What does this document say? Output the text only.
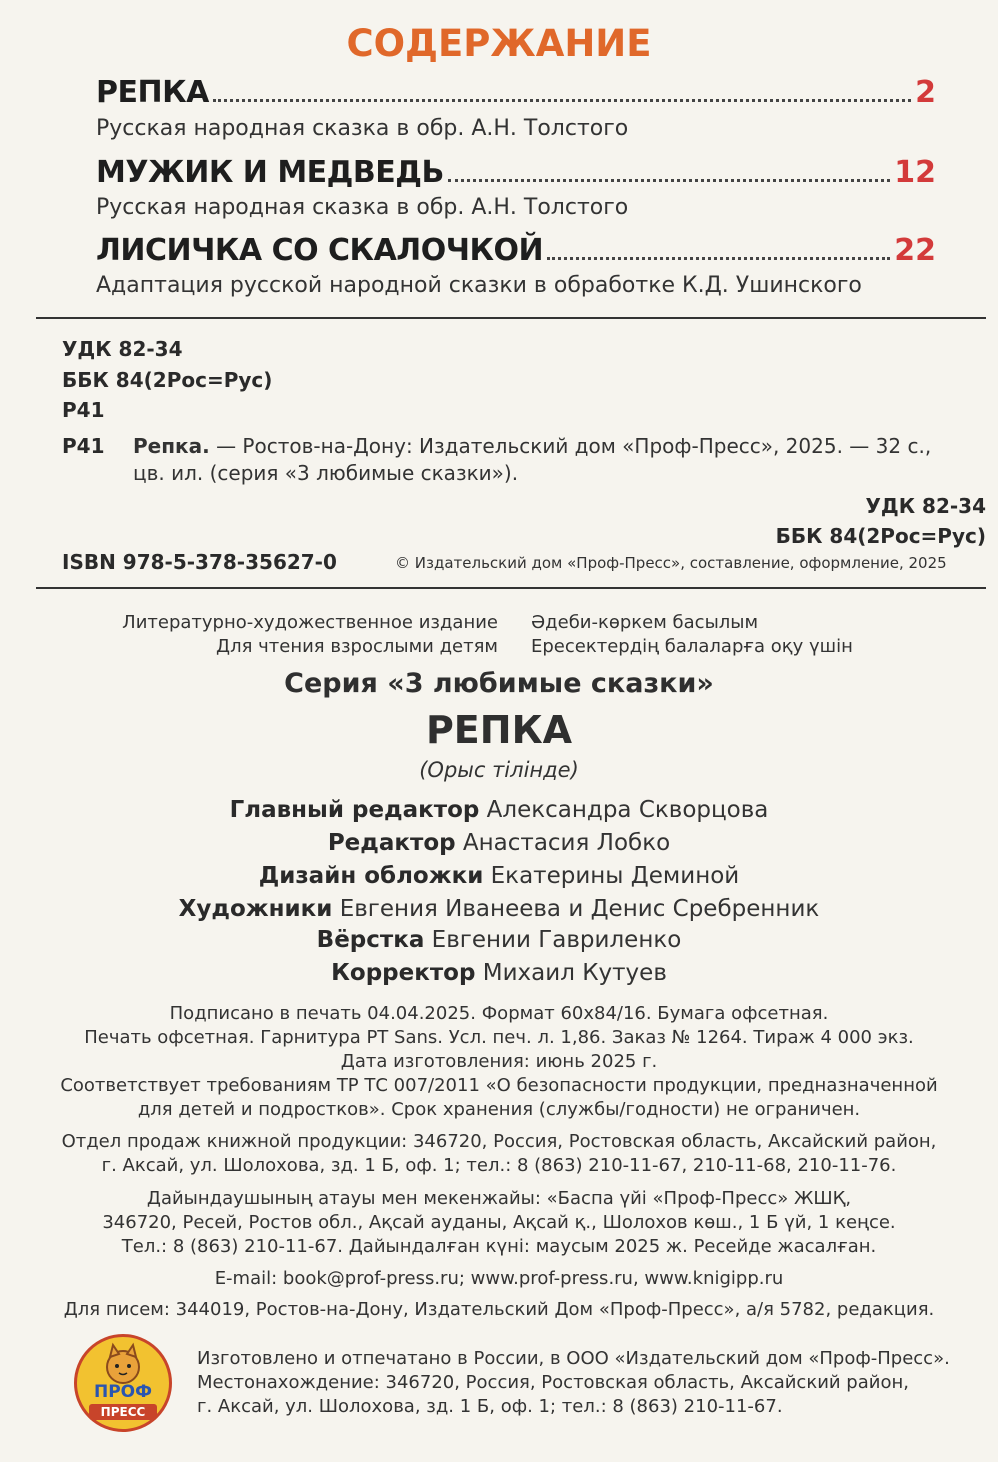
СОДЕРЖАНИЕ
РЕПКА	2
Русская народная сказка в обр. А.Н. Толстого
МУЖИК И МЕДВЕДЬ	12
Русская народная сказка в обр. А.Н. Толстого
ЛИСИЧКА СО СКАЛОЧКОЙ	22
Адаптация русской народной сказки в обработке К.Д. Ушинского
УДК 82-34
ББК 84(2Рос=Рус)
Р41
Р41 Репка. — Ростов-на-Дону: Издательский дом «Проф-Пресс», 2025. — 32 с.,
цв. ил. (серия «3 любимые сказки»).
УДК 82-34
ББК 84(2Рос=Рус)
ISBN 978-5-378-35627-0	© Издательский дом «Проф-Пресс», составление, оформление, 2025
Литературно-художественное издание Әдеби-көркем басылым
Для чтения взрослыми детям Ересектердің балаларға оқу үшін
Серия «3 любимые сказки»
РЕПКА
(Орыс тілінде)
Главный редактор Александра Скворцова
Редактор Анастасия Лобко
Дизайн обложки Екатерины Деминой
Художники Евгения Иванеева и Денис Сребренник
Вёрстка Евгении Гавриленко
Корректор Михаил Кутуев
Подписано в печать 04.04.2025. Формат 60х84/16. Бумага офсетная.
Печать офсетная. Гарнитура PT Sans. Усл. печ. л. 1,86. Заказ № 1264. Тираж 4 000 экз.
Дата изготовления: июнь 2025 г.
Соответствует требованиям ТР ТС 007/2011 «О безопасности продукции, предназначенной
для детей и подростков». Срок хранения (службы/годности) не ограничен.
Отдел продаж книжной продукции: 346720, Россия, Ростовская область, Аксайский район,
г. Аксай, ул. Шолохова, зд. 1 Б, оф. 1; тел.: 8 (863) 210-11-67, 210-11-68, 210-11-76.
Дайындаушының атауы мен мекенжайы: «Баспа үйі «Проф-Пресс» ЖШҚ,
346720, Ресей, Ростов обл., Ақсай ауданы, Ақсай қ., Шолохов көш., 1 Б үй, 1 кеңсе.
Тел.: 8 (863) 210-11-67. Дайындалған күні: маусым 2025 ж. Ресейде жасалған.
E-mail: book@prof-press.ru; www.prof-press.ru, www.knigipp.ru
Для писем: 344019, Ростов-на-Дону, Издательский Дом «Проф-Пресс», а/я 5782, редакция.
ПРОФ
ПРЕСС
Изготовлено и отпечатано в России, в ООО «Издательский дом «Проф-Пресс».
Местонахождение: 346720, Россия, Ростовская область, Аксайский район,
г. Аксай, ул. Шолохова, зд. 1 Б, оф. 1; тел.: 8 (863) 210-11-67.
